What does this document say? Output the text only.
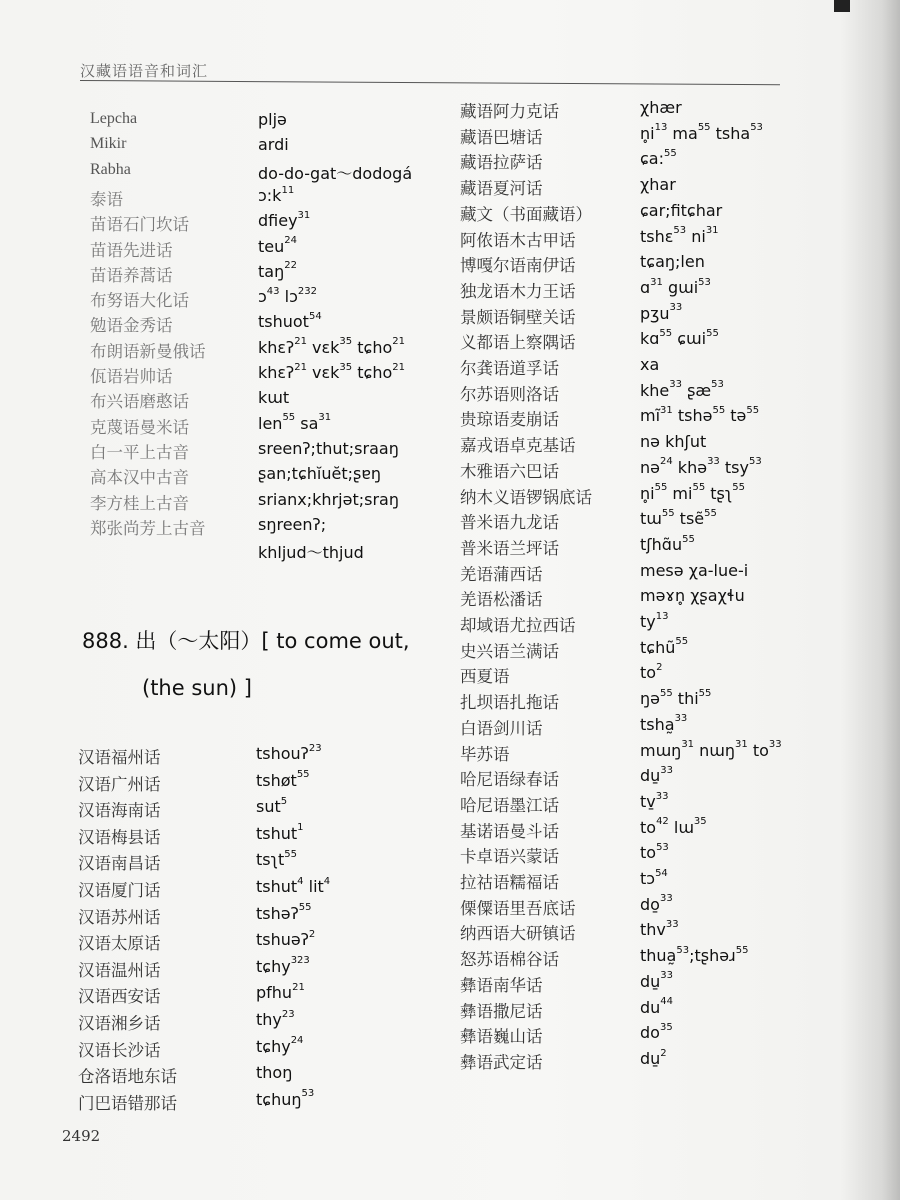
汉藏语语音和词汇
Lepcha	pljə
Mikir	ardi
Rabha	do-do-gat～dodogá
泰语	$ɔ:k^{11}$
苗语石门坎话	dfiey$^{31}$
苗语先进话	teu$^{24}$
苗语养蒿话	taŋ$^{22}$
布努语大化话	ɔ$^{43}$ lɔ$^{232}$
勉语金秀话	tshuot$^{54}$
布朗语新曼俄话	khɛʔ$^{21}$ vɛk$^{35}$ tɕho$^{21}$
佤语岩帅话	khɛʔ$^{21}$ vɛk$^{35}$ tɕho$^{21}$
布兴语磨憨话	kɯt
克蔑语曼米话	len$^{55}$ $sa^{31}$
白一平上古音	sreenʔ;thut;sraaŋ
高本汉中古音	ʂan;tɕhĭuĕt;ʂɐŋ
李方桂上古音	srianx;khrjət;sraŋ
郑张尚芳上古音	sŋreenʔ;
khljud～thjud
888. 出（～太阳）[ to come out,
(the sun) ]
汉语福州话	tshouʔ$^{23}$
汉语广州话	tshøt$^{55}$
汉语海南话	sut$^5$
汉语梅县话	tshut$^1$
汉语南昌话	tsʅt$^{55}$
汉语厦门话	tshut$^4$ lit$^4$
汉语苏州话	tshəʔ$^{55}$
汉语太原话	tshuəʔ$^2$
汉语温州话	tɕhy$^{323}$
汉语西安话	pfhu$^{21}$
汉语湘乡话	thy$^{23}$
汉语长沙话	tɕhy$^{24}$
仓洛语地东话	thoŋ
门巴语错那话	tɕhuŋ$^{53}$
藏语阿力克话	χhær
藏语巴塘话	$n̥i^{13}$ $ma^{55}$ tsha$^{53}$
藏语拉萨话	ɕa:$^{55}$
藏语夏河话	χhar
藏文（书面藏语）	ɕar;fitɕhar
阿侬语木古甲话	tshɛ$^{53}$ $ni^{31}$
博嘎尔语南伊话	tɕaŋ;len
独龙语木力王话	ɑ$^{31}$ gɯi$^{53}$
景颇语铜壁关话	pʒu$^{33}$
义都语上察隅话	kɑ$^{55}$ ɕɯi$^{55}$
尔龚语道孚话	xa
尔苏语则洛话	khe$^{33}$ ʂæ$^{53}$
贵琼语麦崩话	$mĩ^{31}$ tshə$^{55}$ tə$^{55}$
嘉戎语卓克基话	nə khʃut
木雅语六巴话	nə$^{24}$ khə$^{33}$ tsy$^{53}$
纳木义语锣锅底话	$n̥i^{55}$ $mi^{55}$ tʂʅ$^{55}$
普米语九龙话	tɯ$^{55}$ tsẽ$^{55}$
普米语兰坪话	$tʃhɑ̃u^{55}$
羌语蒲西话	mesə χa-lue-i
羌语松潘话	məɤn̥ χʂaχɬu
却域语尤拉西话	$ty^{13}$
史兴语兰满话	tɕhũ$^{55}$
西夏语	$to^2$
扎坝语扎拖话	ŋə$^{55}$ thi$^{55}$
白语剑川话	tsha̰$^{33}$
毕苏语	mɯŋ$^{31}$ nɯŋ$^{31}$ $to^{33}$
哈尼语绿春话	du̱$^{33}$
哈尼语墨江话	tv̱$^{33}$
基诺语曼斗话	$to^{42}$ lɯ$^{35}$
卡卓语兴蒙话	$to^{53}$
拉祜语糯福话	tɔ$^{54}$
傈僳语里吾底话	do̱$^{33}$
纳西语大研镇话	thv$^{33}$
怒苏语棉谷话	thua̰$^{53}$;tʂhəɹ$^{55}$
彝语南华话	du̱$^{33}$
彝语撒尼话	$du^{44}$
彝语巍山话	$do^{35}$
彝语武定话	du̱$^2$
2492
